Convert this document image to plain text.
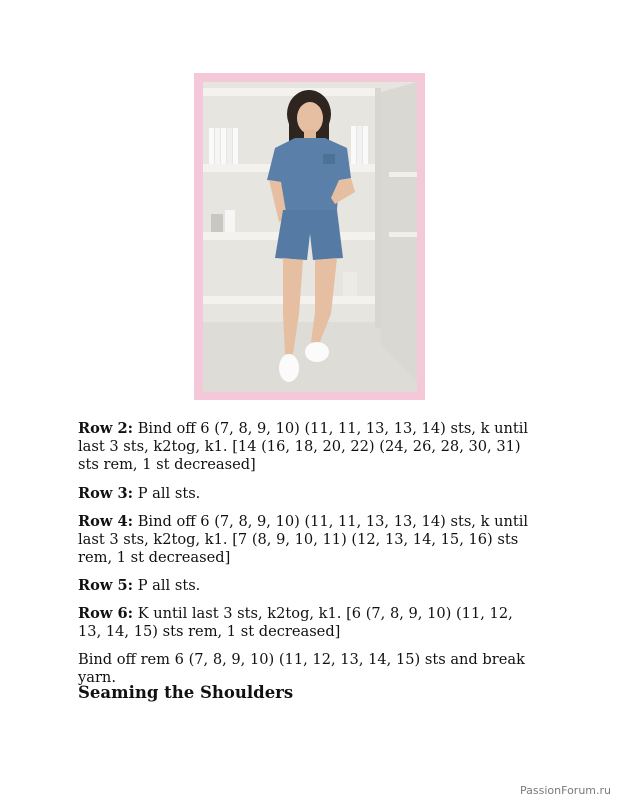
Row 2: Bind off 6 (7, 8, 9, 10) (11, 11, 13, 13, 14) sts, k until last 3 sts, k2tog, k1. [14 (16, 18, 20, 22) (24, 26, 28, 30, 31) sts rem, 1 st decreased]

Row 3: P all sts.

Row 4: Bind off 6 (7, 8, 9, 10) (11, 11, 13, 13, 14) sts, k until last 3 sts, k2tog, k1. [7 (8, 9, 10, 11) (12, 13, 14, 15, 16) sts rem, 1 st decreased]

Row 5: P all sts.

Row 6: K until last 3 sts, k2tog, k1. [6 (7, 8, 9, 10) (11, 12, 13, 14, 15) sts rem, 1 st decreased]

Bind off rem 6 (7, 8, 9, 10) (11, 12, 13, 14, 15) sts and break yarn.

Seaming the Shoulders
PassionForum.ru
